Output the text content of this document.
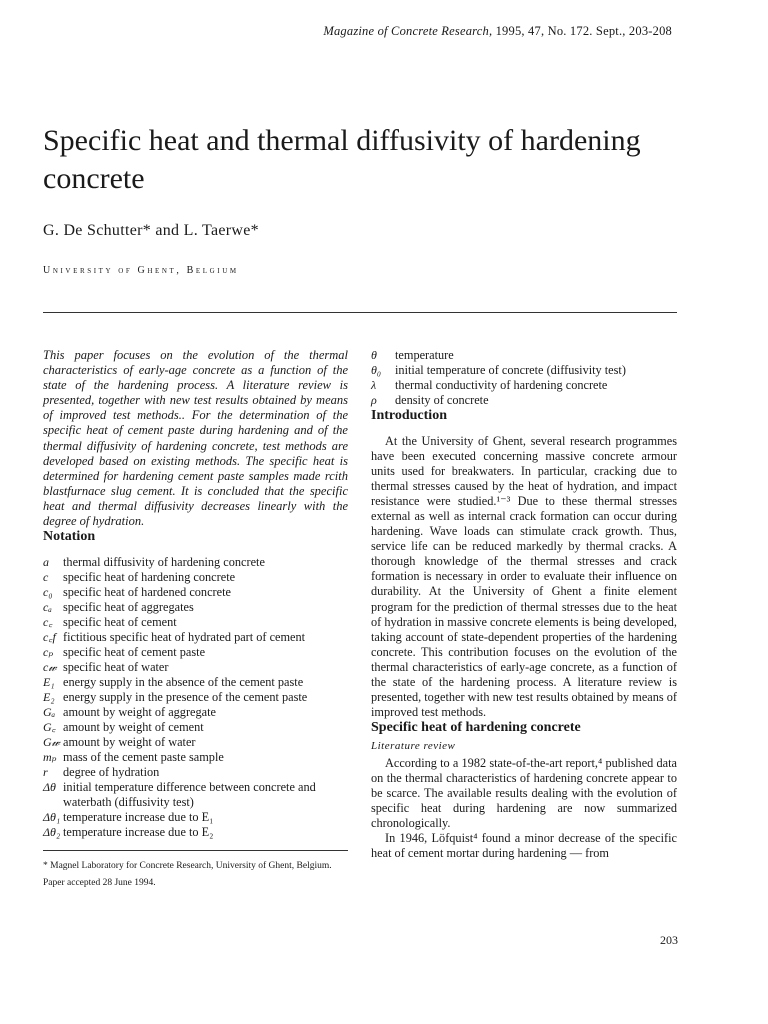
Magazine of Concrete Research, 1995, 47, No. 172. Sept., 203-208
Specific heat and thermal diffusivity of hardening concrete
G. De Schutter* and L. Taerwe*
University of Ghent, Belgium

This paper focuses on the evolution of the thermal characteristics of early-age concrete as a function of the state of the hardening process. A literature review is presented, together with new test results obtained by means of improved test methods.. For the determination of the specific heat of cement paste during hardening and of the thermal diffusivity of hardening concrete, test methods are developed based on existing methods. The specific heat is determined for hardening cement paste samples made rcith blastfurnace slug cement. It is concluded that the specific heat and thermal diffusivity decreases linearly with the degree of hydration.

Notation
a	thermal diffusivity of hardening concrete
c	specific heat of hardening concrete
c₀ specific heat of hardened concrete
cₐ specific heat of aggregates
c꜀ specific heat of cement
c꜀f fictitious specific heat of hydrated part of cement
cₚ specific heat of cement paste
c𝓌 specific heat of water
E₁ energy supply in the absence of the cement paste
E₂ energy supply in the presence of the cement paste
Gₐ amount by weight of aggregate
G꜀ amount by weight of cement
G𝓌 amount by weight of water
mₚ mass of the cement paste sample
r	degree of hydration
Δθ initial temperature difference between concrete and
waterbath (diffusivity test)
Δθ₁ temperature increase due to E₁
Δθ₂ temperature increase due to E₂

* Magnel Laboratory for Concrete Research, University of Ghent, Belgium.

Paper accepted 28 June 1994.

θ	temperature
θ₀	initial temperature of concrete (diffusivity test)
λ	thermal conductivity of hardening concrete
ρ	density of concrete
Introduction

At the University of Ghent, several research programmes have been executed concerning massive concrete armour units used for breakwaters. In particular, cracking due to thermal stresses caused by the heat of hydration, and impact resistance were studied.¹⁻³ Due to these thermal stresses external as well as internal crack formation can occur during hardening. Wave loads can stimulate crack growth. Thus, service life can be reduced markedly by thermal cracks. A thorough knowledge of the thermal stresses and crack formation is necessary in order to evaluate their influence on durability. At the University of Ghent a finite element program for the prediction of thermal stresses due to the heat of hydration in massive concrete elements is being developed, taking account of state-dependent properties of the hardening concrete. This contribution focuses on the evolution of the thermal characteristics of early-age concrete, as a function of the state of the hardening process. A literature review is presented, together with new test results obtained by means of improved test methods.

Specific heat of hardening concrete

Literature review

According to a 1982 state-of-the-art report,⁴ published data on the thermal characteristics of hardening concrete appear to be scarce. The available results dealing with the evolution of specific heat during hardening are now summarized chronologically.

In 1946, Löfquist⁴ found a minor decrease of the specific heat of cement mortar during hardening — from

203
